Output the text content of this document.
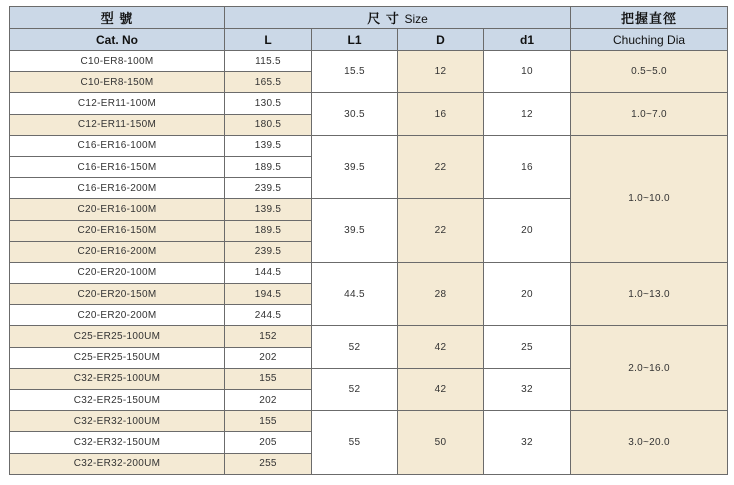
型 號	尺 寸 Size				把握直徑
Cat. No	L	L1	D	d1	Chuching Dia
C10-ER8-100M	115.5	15.5	12	10	0.5~5.0
C10-ER8-150M	165.5				
C12-ER11-100M	130.5	30.5	16	12	1.0~7.0
C12-ER11-150M	180.5				
C16-ER16-100M	139.5	39.5	22	16	1.0~10.0
C16-ER16-150M	189.5				
C16-ER16-200M	239.5				
C20-ER16-100M	139.5	39.5	22	20	
C20-ER16-150M	189.5				
C20-ER16-200M	239.5				
C20-ER20-100M	144.5	44.5	28	20	1.0~13.0
C20-ER20-150M	194.5				
C20-ER20-200M	244.5				
C25-ER25-100UM	152	52	42	25	2.0~16.0
C25-ER25-150UM	202				
C32-ER25-100UM	155	52	42	32	
C32-ER25-150UM	202				
C32-ER32-100UM	155	55	50	32	3.0~20.0
C32-ER32-150UM	205				
C32-ER32-200UM	255				
